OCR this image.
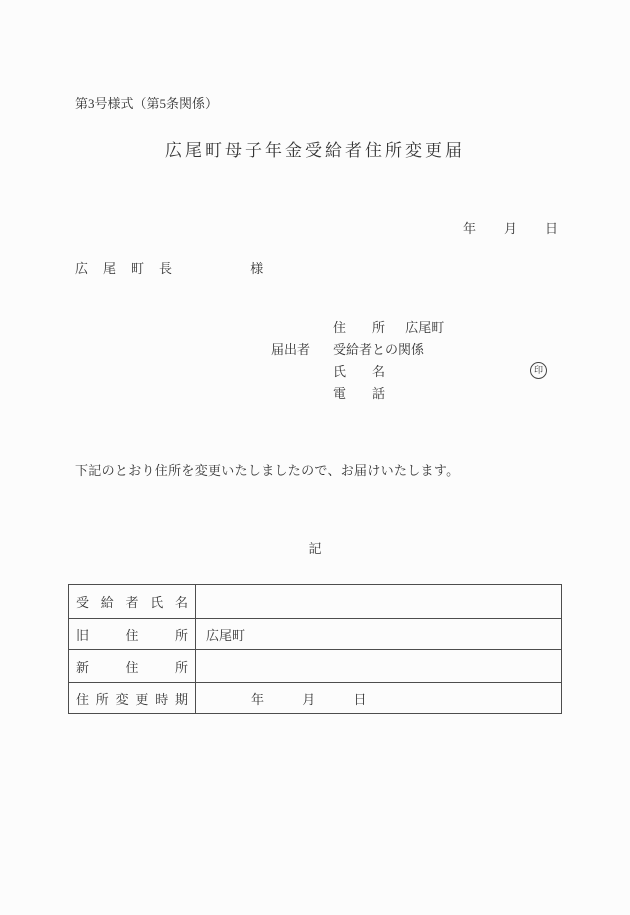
第3号様式（第5条関係）
広尾町母子年金受給者住所変更届
年 月 日
広尾町長	様
住所 広尾町
届出者 受給者との関係
氏名	印
電話
下記のとおり住所を変更いたしましたので、お届けいたします。
記
受給者氏名	
旧住所	広尾町
新住所	
住所変更時期	年 月 日
